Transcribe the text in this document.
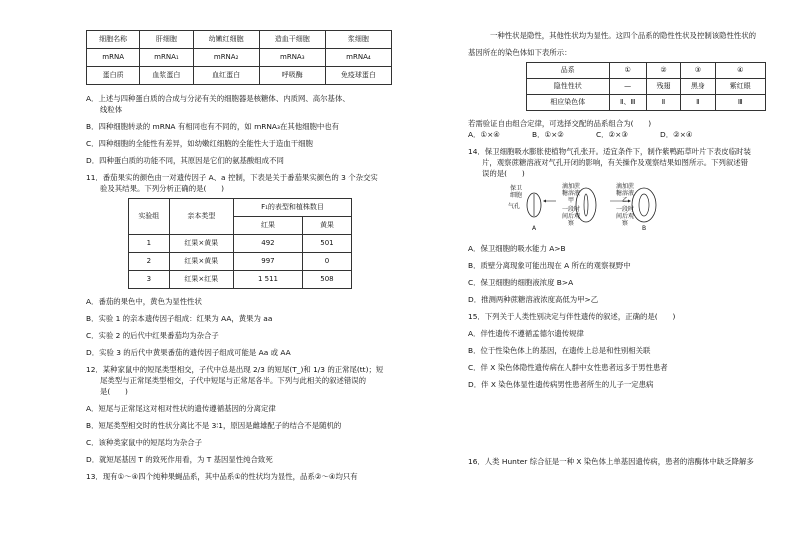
细胞名称	肝细胞	幼嫩红细胞	造血干细胞	浆细胞
mRNA	mRNA₁	mRNA₂	mRNA₃	mRNA₄
蛋白质	血浆蛋白	血红蛋白	呼吸酶	免疫球蛋白
A．上述与四种蛋白质的合成与分泌有关的细胞器是核糖体、内质网、高尔基体、
线粒体
B．四种细胞转录的 mRNA 有相同也有不同的，如 mRNA₃在其他细胞中也有
C．四种细胞的全能性有差异，如幼嫩红细胞的全能性大于造血干细胞
D．四种蛋白质的功能不同，其原因是它们的氨基酸组成不同
11．番茄果实的颜色由一对遗传因子 A、a 控制，下表是关于番茄果实颜色的 3 个杂交实
验及其结果。下列分析正确的是(　　)
实验组	亲本类型	F₁的表型和植株数目	
		红果	黄果
1	红果×黄果	492	501
2	红果×黄果	997	0
3	红果×红果	1 511	508
A．番茄的果色中，黄色为显性性状
B．实验 1 的亲本遗传因子组成：红果为 AA，黄果为 aa
C．实验 2 的后代中红果番茄均为杂合子
D．实验 3 的后代中黄果番茄的遗传因子组成可能是 Aa 或 AA
12．某种家鼠中的短尾类型相交，子代中总是出现 2/3 的短尾(T_)和 1/3 的正常尾(tt)；短
尾类型与正常尾类型相交，子代中短尾与正常尾各半。下列与此相关的叙述错误的
是(　　)
A．短尾与正常尾这对相对性状的遗传遵循基因的分离定律
B．短尾类型相交时的性状分离比不是 3∶1，原因是雌雄配子的结合不是随机的
C．该种类家鼠中的短尾均为杂合子
D．就短尾基因 T 的致死作用看，为 T 基因显性纯合致死
13．现有①～④四个纯种果蝇品系，其中品系①的性状均为显性，品系②～④均只有
一种性状是隐性，其他性状均为显性。这四个品系的隐性性状及控制该隐性性状的
基因所在的染色体如下表所示：
品系	①	②	③	④
隐性性状	—	残翅	黑身	紫红眼
相应染色体	Ⅱ、Ⅲ	Ⅱ	Ⅱ	Ⅲ
若需验证自由组合定律，可选择交配的品系组合为(　　)
A．①×④	B．①×②	C．②×③	D．②×④
14．保卫细胞吸水膨胀使植物气孔张开。适宜条件下，制作紫鸭跖草叶片下表皮临时装
片，观察蔗糖溶液对气孔开闭的影响，有关操作及观察结果如图所示。下列叙述错
误的是(　　)
保卫细胞
气孔
滴加蔗糖溶液甲
一段时间后观察
滴加蔗糖溶液乙
一段时间后观察
A	B
A．保卫细胞的吸水能力 A>B
B．质壁分离现象可能出现在 A 所在的观察视野中
C．保卫细胞的细胞液浓度 B>A
D．推测两种蔗糖溶液浓度高低为甲>乙
15．下列关于人类性别决定与伴性遗传的叙述，正确的是(　　)
A．伴性遗传不遵循孟德尔遗传规律
B．位于性染色体上的基因，在遗传上总是和性别相关联
C．伴 X 染色体隐性遗传病在人群中女性患者远多于男性患者
D．伴 X 染色体显性遗传病男性患者所生的儿子一定患病
16．人类 Hunter 综合征是一种 X 染色体上单基因遗传病，患者的溶酶体中缺乏降解多
